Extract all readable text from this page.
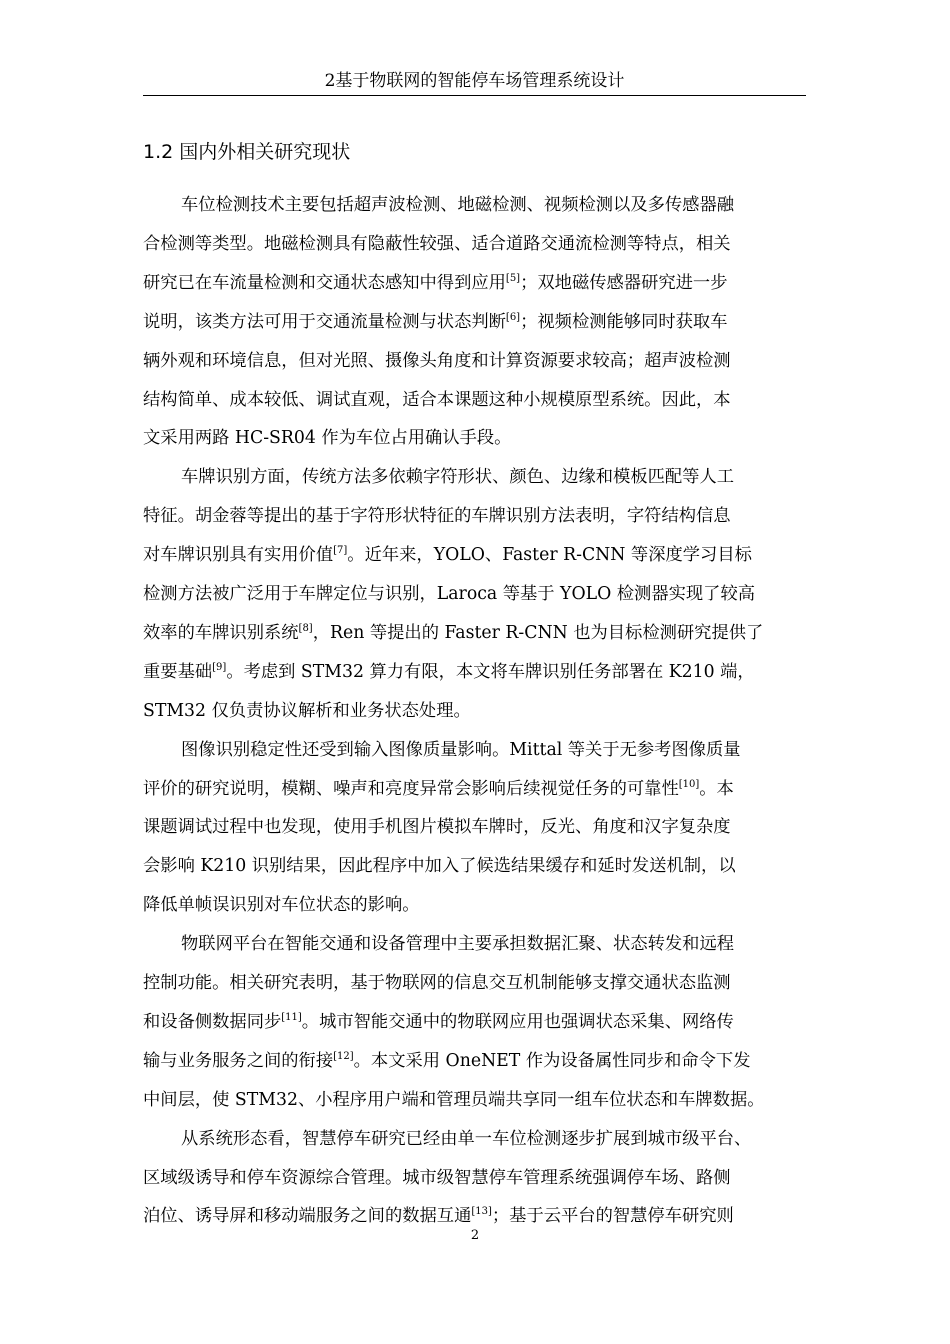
2基于物联网的智能停车场管理系统设计
1.2 国内外相关研究现状
车位检测技术主要包括超声波检测、地磁检测、视频检测以及多传感器融
合检测等类型。地磁检测具有隐蔽性较强、适合道路交通流检测等特点，相关
研究已在车流量检测和交通状态感知中得到应用[5]；双地磁传感器研究进一步
说明，该类方法可用于交通流量检测与状态判断[6]；视频检测能够同时获取车
辆外观和环境信息，但对光照、摄像头角度和计算资源要求较高；超声波检测
结构简单、成本较低、调试直观，适合本课题这种小规模原型系统。因此，本
文采用两路 HC-SR04 作为车位占用确认手段。
车牌识别方面，传统方法多依赖字符形状、颜色、边缘和模板匹配等人工
特征。胡金蓉等提出的基于字符形状特征的车牌识别方法表明，字符结构信息
对车牌识别具有实用价值[7]。近年来，YOLO、Faster R-CNN 等深度学习目标
检测方法被广泛用于车牌定位与识别，Laroca 等基于 YOLO 检测器实现了较高
效率的车牌识别系统[8]，Ren 等提出的 Faster R-CNN 也为目标检测研究提供了
重要基础[9]。考虑到 STM32 算力有限，本文将车牌识别任务部署在 K210 端，
STM32 仅负责协议解析和业务状态处理。
图像识别稳定性还受到输入图像质量影响。Mittal 等关于无参考图像质量
评价的研究说明，模糊、噪声和亮度异常会影响后续视觉任务的可靠性[10]。本
课题调试过程中也发现，使用手机图片模拟车牌时，反光、角度和汉字复杂度
会影响 K210 识别结果，因此程序中加入了候选结果缓存和延时发送机制，以
降低单帧误识别对车位状态的影响。
物联网平台在智能交通和设备管理中主要承担数据汇聚、状态转发和远程
控制功能。相关研究表明，基于物联网的信息交互机制能够支撑交通状态监测
和设备侧数据同步[11]。城市智能交通中的物联网应用也强调状态采集、网络传
输与业务服务之间的衔接[12]。本文采用 OneNET 作为设备属性同步和命令下发
中间层，使 STM32、小程序用户端和管理员端共享同一组车位状态和车牌数据。
从系统形态看，智慧停车研究已经由单一车位检测逐步扩展到城市级平台、
区域级诱导和停车资源综合管理。城市级智慧停车管理系统强调停车场、路侧
泊位、诱导屏和移动端服务之间的数据互通[13]；基于云平台的智慧停车研究则
2
